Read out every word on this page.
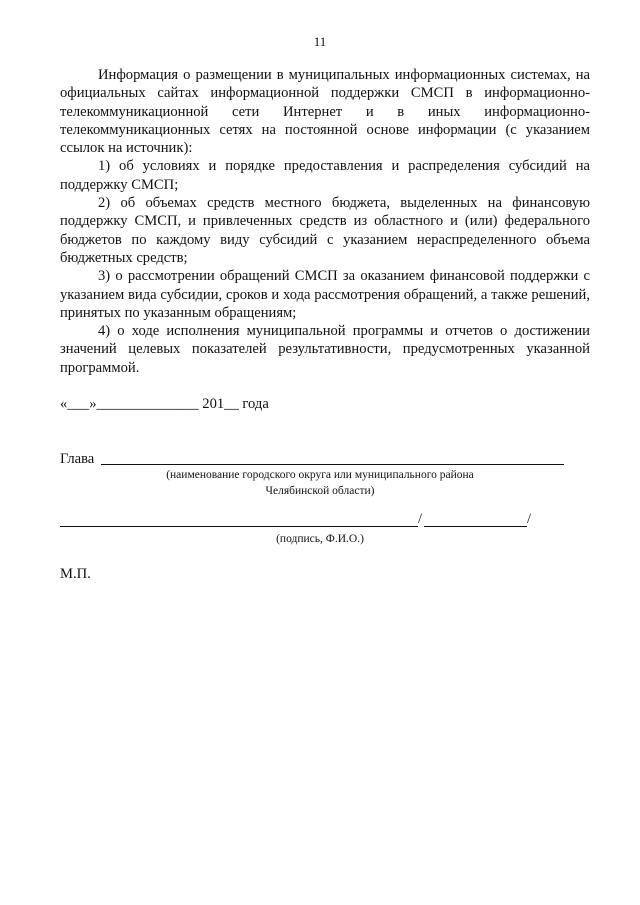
11

Информация о размещении в муниципальных информационных системах, на официальных сайтах информационной поддержки СМСП в информационно-телекоммуникационной сети Интернет и в иных информационно-телекоммуникационных сетях на постоянной основе информации (с указанием ссылок на источник):

1) об условиях и порядке предоставления и распределения субсидий на поддержку СМСП;

2) об объемах средств местного бюджета, выделенных на финансовую поддержку СМСП, и привлеченных средств из областного и (или) федерального бюджетов по каждому виду субсидий с указанием нераспределенного объема бюджетных средств;

3) о рассмотрении обращений СМСП за оказанием финансовой поддержки с указанием вида субсидии, сроков и хода рассмотрения обращений, а также решений, принятых по указанным обращениям;

4) о ходе исполнения муниципальной программы и отчетов о достижении значений целевых показателей результативности, предусмотренных указанной программой.

«___»______________ 201__ года
Глава
(наименование городского округа или муниципального района
Челябинской области)
/	/
(подпись, Ф.И.О.)
М.П.
